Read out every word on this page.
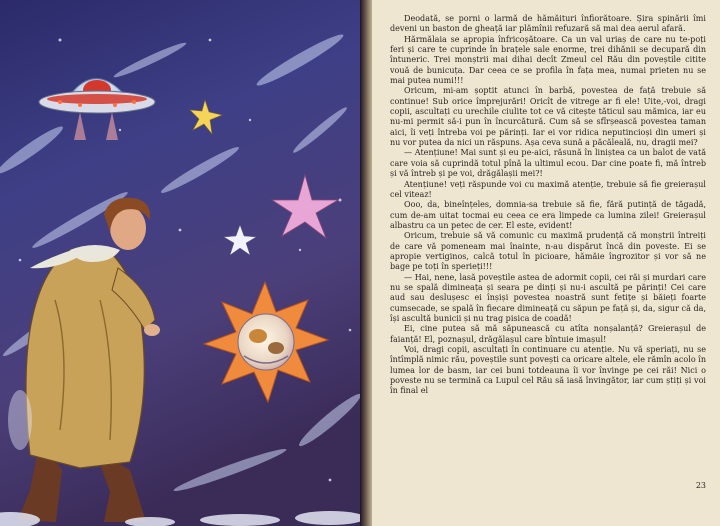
Deodată, se porni o larmă de hămăituri înfiorătoare. Șira spinării îmi deveni un baston de gheață iar plămînii refuzară să mai dea aerul afară.

Hărmălaia se apropia înfricoșătoare. Ca un val uriaș de care nu te-poți feri și care te cuprinde în brațele sale enorme, trei dihănii se decupară din întuneric. Trei monștrii mai dihai decît Zmeul cel Rău din poveștile citite vouă de bunicuța. Dar ceea ce se profila în fața mea, numai prieten nu se mai putea numi!!!

Oricum, mi-am șoptit atunci în barbă, povestea de față trebuie să continue! Sub orice împrejurări! Oricît de vitrege ar fi ele! Uite,-voi, dragi copii, ascultați cu urechile ciulite tot ce vă citește tăticul sau mămica, iar eu nu-mi permit să-i pun în încurcătură. Cum să se sfîrșească povestea taman aici, îi veți întreba voi pe părinți. Iar ei vor ridica neputincioși din umeri și nu vor putea da nici un răspuns. Așa ceva sună a păcăleală, nu, dragii mei?

— Atențiune! Mai sunt și eu pe-aici, răsună în liniștea ca un balot de vată care voia să cuprindă totul pînă la ultimul ecou. Dar cine poate fi, mă întreb și vă întreb și pe voi, drăgălașii mei?!

Atențiune! veți răspunde voi cu maximă atenție, trebuie să fie greierașul cel viteaz!

Ooo, da, bineînțeles, domnia-sa trebuie să fie, fără putință de tăgadă, cum de-am uitat tocmai eu ceea ce era limpede ca lumina zilei! Greierașul albastru ca un petec de cer. El este, evident!

Oricum, trebuie să vă comunic cu maximă prudență că monștrii întreiți de care vă pomeneam mai înainte, n-au dispărut încă din poveste. Ei se apropie vertiginos, calcă totul în picioare, hămăie îngrozitor și vor să ne bage pe toți în sperieți!!!

— Hai, nene, lasă poveștile astea de adormit copii, cei răi și murdari care nu se spală dimineața și seara pe dinți și nu-i ascultă pe părinți! Cei care aud sau deslușesc ei înșiși povestea noastră sunt fetițe și băieți foarte cumsecade, se spală în fiecare dimineață cu săpun pe față și, da, sigur că da, își ascultă bunicii și nu trag pisica de coadă!

Ei, cine putea să mă săpunească cu atîta nonșalanță? Greierașul de faianță! El, poznașul, drăgălașul care bîntuie imașul!

Voi, dragi copii, ascultați în continuare cu atenție. Nu vă speriați, nu se întîmplă nimic rău, poveștile sunt povești ca oricare altele, ele rămîn acolo în lumea lor de basm, iar cei buni totdeauna îi vor învinge pe cei răi! Nici o poveste nu se termină ca Lupul cel Rău să iasă învingător, iar cum știți și voi în final el

23
